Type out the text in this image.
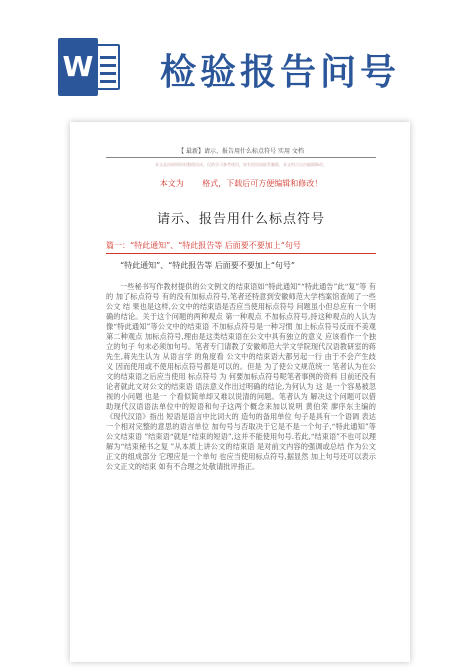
W 检验报告问号
【 最新】请示、报告用什么标点符号 实用 文档
本文是由网络资料整理而成，仅供学习参考使用，如有侵权请联系删除，本文档可自由编辑修改。
本文为 格式，下载后可方便编辑和修改！
请示、报告用什么标点符号
篇一：“特此通知”、“特此报告等 后面要不要加上“句号
“特此通知”、“特此报告等 后面要不要加上“句号”
一些秘书写作教材提供的公文例文的结束语如“特此通知”“特此通告”此“复”等 有的 加了标点符号 有的没有加标点符号,笔者还特意到安徽师范大学档案馆查阅了一些公文 结 果也是这样,公文中的结束语是否应当使用标点符号 问题虽小但总应有一个明确的结论。关于这个问题的两种观点 第一种观点 不加标点符号,持这种观点的人认为 像“特此通知”等公文中的结束语 不加标点符号是一种习惯 加上标点符号反而不美观 第二种观点 加标点符号,理由是这类结束语在公文中具有独立的意义 应该看作一个独立的句子 句末必须加句号。笔者专门请教了安徽师范大学文学院现代汉语教研室的蒋先生,蒋先生认为 从语言学 的角度看 公文中的结束语大都另起一行 由于不会产生歧义 因而使用或不使用标点符号都是可以的。但是 为了使公文规范统一 笔者认为在公文的结束语之后应当使用 标点符号 为 何要加标点符号呢笔者事例的资料 目前还没有论者就此文对公文的结束语 语法意义作出过明确的结论,为何认为 这 是一个容易被忽视的小问题 也是一 个看似简单却又难以说清的问题。笔者认为 解决这个问题可以借助现代汉语语法单位中的短语和句子这两个概念来加以说明 黄伯荣 廖序东主编的《现代汉语》指出 短语是语言中比词大的 造句的备用单位 句子是具有一个语调 表达一个相对完整的意思的语言单位 加句号与否取决于它是不是一个句子,“特此通知”等公文结束语 ”结束语“就是“结束的短语”,这并不能使用句号.若此,“结束语”不也可以理解为“结束秘书之复 ”从本质上讲公文的结束语 是对前文内容的强调或总结 作为公文正文的组成部分 它理应是一个单句 也应当使用标点符号,据显然 加上句号还可以表示公文正文的结束 如有不合理之处敬请批评指正。
